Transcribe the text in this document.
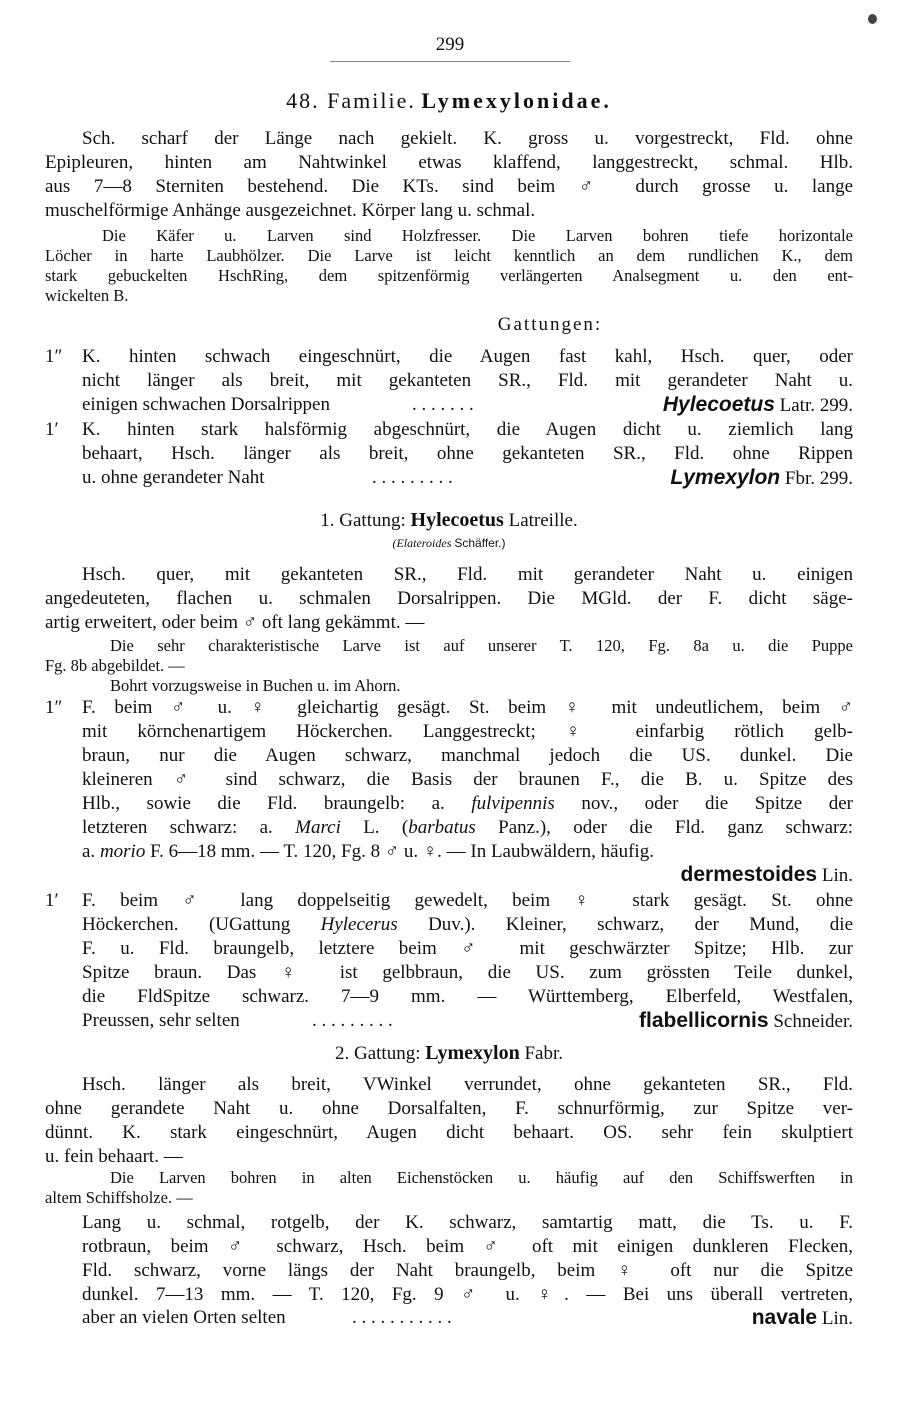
299
48. Familie. Lymexylonidae.
Sch. scharf der Länge nach gekielt. K. gross u. vorgestreckt, Fld. ohne
Epipleuren, hinten am Nahtwinkel etwas klaffend, langgestreckt, schmal. Hlb.
aus 7—8 Sterniten bestehend. Die KTs. sind beim ♂ durch grosse u. lange
muschelförmige Anhänge ausgezeichnet. Körper lang u. schmal.
Die Käfer u. Larven sind Holzfresser. Die Larven bohren tiefe horizontale
Löcher in harte Laubhölzer. Die Larve ist leicht kenntlich an dem rundlichen K., dem
stark gebuckelten HschRing, dem spitzenförmig verlängerten Analsegment u. den ent-
wickelten B.
Gattungen:
1″ K. hinten schwach eingeschnürt, die Augen fast kahl, Hsch. quer, oder
nicht länger als breit, mit gekanteten SR., Fld. mit gerandeter Naht u.
einigen schwachen Dorsalrippen	. . . . . . .	Hylecoetus Latr. 299.
1′ K. hinten stark halsförmig abgeschnürt, die Augen dicht u. ziemlich lang
behaart, Hsch. länger als breit, ohne gekanteten SR., Fld. ohne Rippen
u. ohne gerandeter Naht	. . . . . . . . .	Lymexylon Fbr. 299.
1. Gattung: Hylecoetus Latreille.
(Elateroides Schäffer.)
Hsch. quer, mit gekanteten SR., Fld. mit gerandeter Naht u. einigen
angedeuteten, flachen u. schmalen Dorsalrippen. Die MGld. der F. dicht säge-
artig erweitert, oder beim ♂ oft lang gekämmt. —
Die sehr charakteristische Larve ist auf unserer T. 120, Fg. 8a u. die Puppe
Fg. 8b abgebildet. —
Bohrt vorzugsweise in Buchen u. im Ahorn.
1″ F. beim ♂ u. ♀ gleichartig gesägt. St. beim ♀ mit undeutlichem, beim ♂
mit körnchenartigem Höckerchen. Langgestreckt; ♀ einfarbig rötlich gelb-
braun, nur die Augen schwarz, manchmal jedoch die US. dunkel. Die
kleineren ♂ sind schwarz, die Basis der braunen F., die B. u. Spitze des
Hlb., sowie die Fld. braungelb: a. fulvipennis nov., oder die Spitze der
letzteren schwarz: a. Marci L. (barbatus Panz.), oder die Fld. ganz schwarz:
a. morio F. 6—18 mm. — T. 120, Fg. 8 ♂ u. ♀. — In Laubwäldern, häufig.
dermestoides Lin.
1′ F. beim ♂ lang doppelseitig gewedelt, beim ♀ stark gesägt. St. ohne
Höckerchen. (UGattung Hylecerus Duv.). Kleiner, schwarz, der Mund, die
F. u. Fld. braungelb, letztere beim ♂ mit geschwärzter Spitze; Hlb. zur
Spitze braun. Das ♀ ist gelbbraun, die US. zum grössten Teile dunkel,
die FldSpitze schwarz. 7—9 mm. — Württemberg, Elberfeld, Westfalen,
Preussen, sehr selten	. . . . . . . . .	flabellicornis Schneider.
2. Gattung: Lymexylon Fabr.
Hsch. länger als breit, VWinkel verrundet, ohne gekanteten SR., Fld.
ohne gerandete Naht u. ohne Dorsalfalten, F. schnurförmig, zur Spitze ver-
dünnt. K. stark eingeschnürt, Augen dicht behaart. OS. sehr fein skulptiert
u. fein behaart. —
Die Larven bohren in alten Eichenstöcken u. häufig auf den Schiffswerften in
altem Schiffsholze. —
Lang u. schmal, rotgelb, der K. schwarz, samtartig matt, die Ts. u. F.
rotbraun, beim ♂ schwarz, Hsch. beim ♂ oft mit einigen dunkleren Flecken,
Fld. schwarz, vorne längs der Naht braungelb, beim ♀ oft nur die Spitze
dunkel. 7—13 mm. — T. 120, Fg. 9 ♂ u. ♀. — Bei uns überall vertreten,
aber an vielen Orten selten	. . . . . . . . . . .	navale Lin.
